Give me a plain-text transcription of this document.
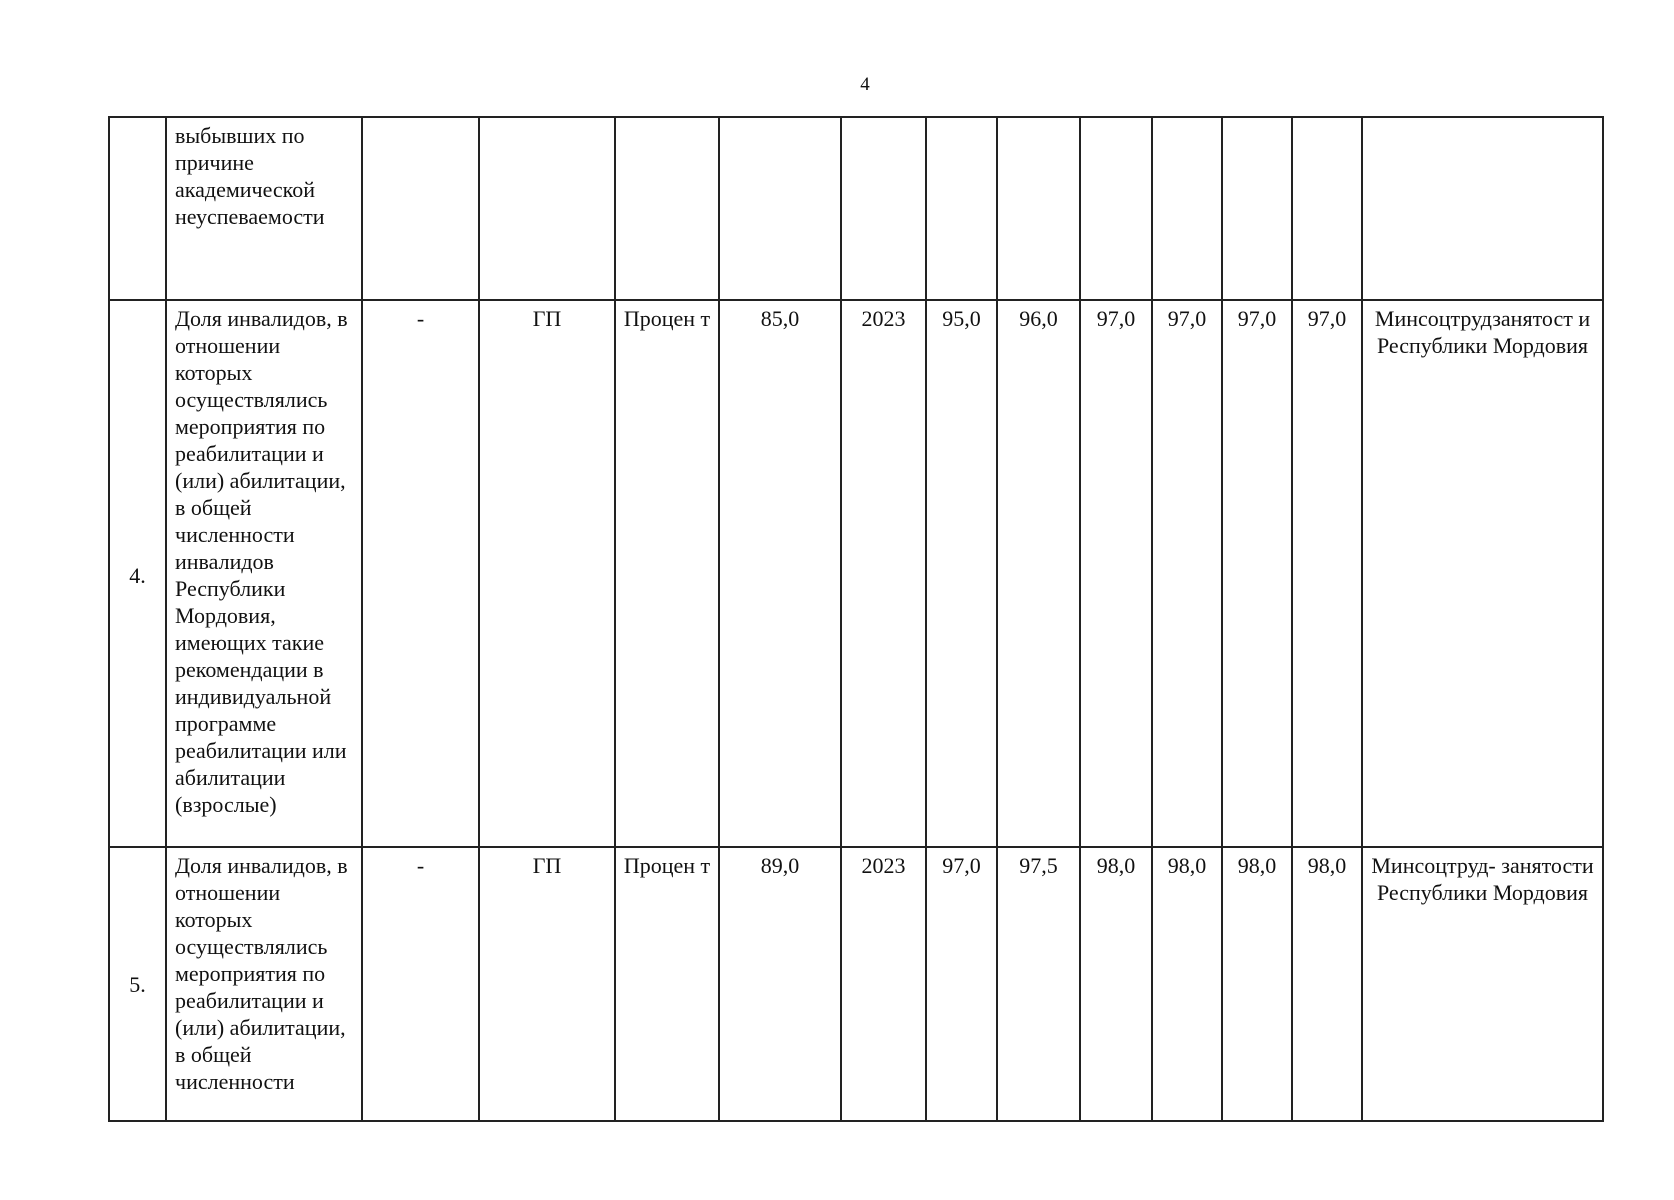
4
	выбывших по причине академической неуспеваемости												
4.	Доля инвалидов, в отношении которых осуществлялись мероприятия по реабилитации и (или) абилитации, в общей численности инвалидов Республики Мордовия, имеющих такие рекомендации в индивидуальной программе реабилитации или абилитации (взрослые)	-	ГП	Процен т	85,0	2023	95,0	96,0	97,0	97,0	97,0	97,0	Минсоцтрудзанятост и Республики Мордовия
5.	Доля инвалидов, в отношении которых осуществлялись мероприятия по реабилитации и (или) абилитации, в общей численности	-	ГП	Процен т	89,0	2023	97,0	97,5	98,0	98,0	98,0	98,0	Минсоцтруд- занятости Республики Мордовия
